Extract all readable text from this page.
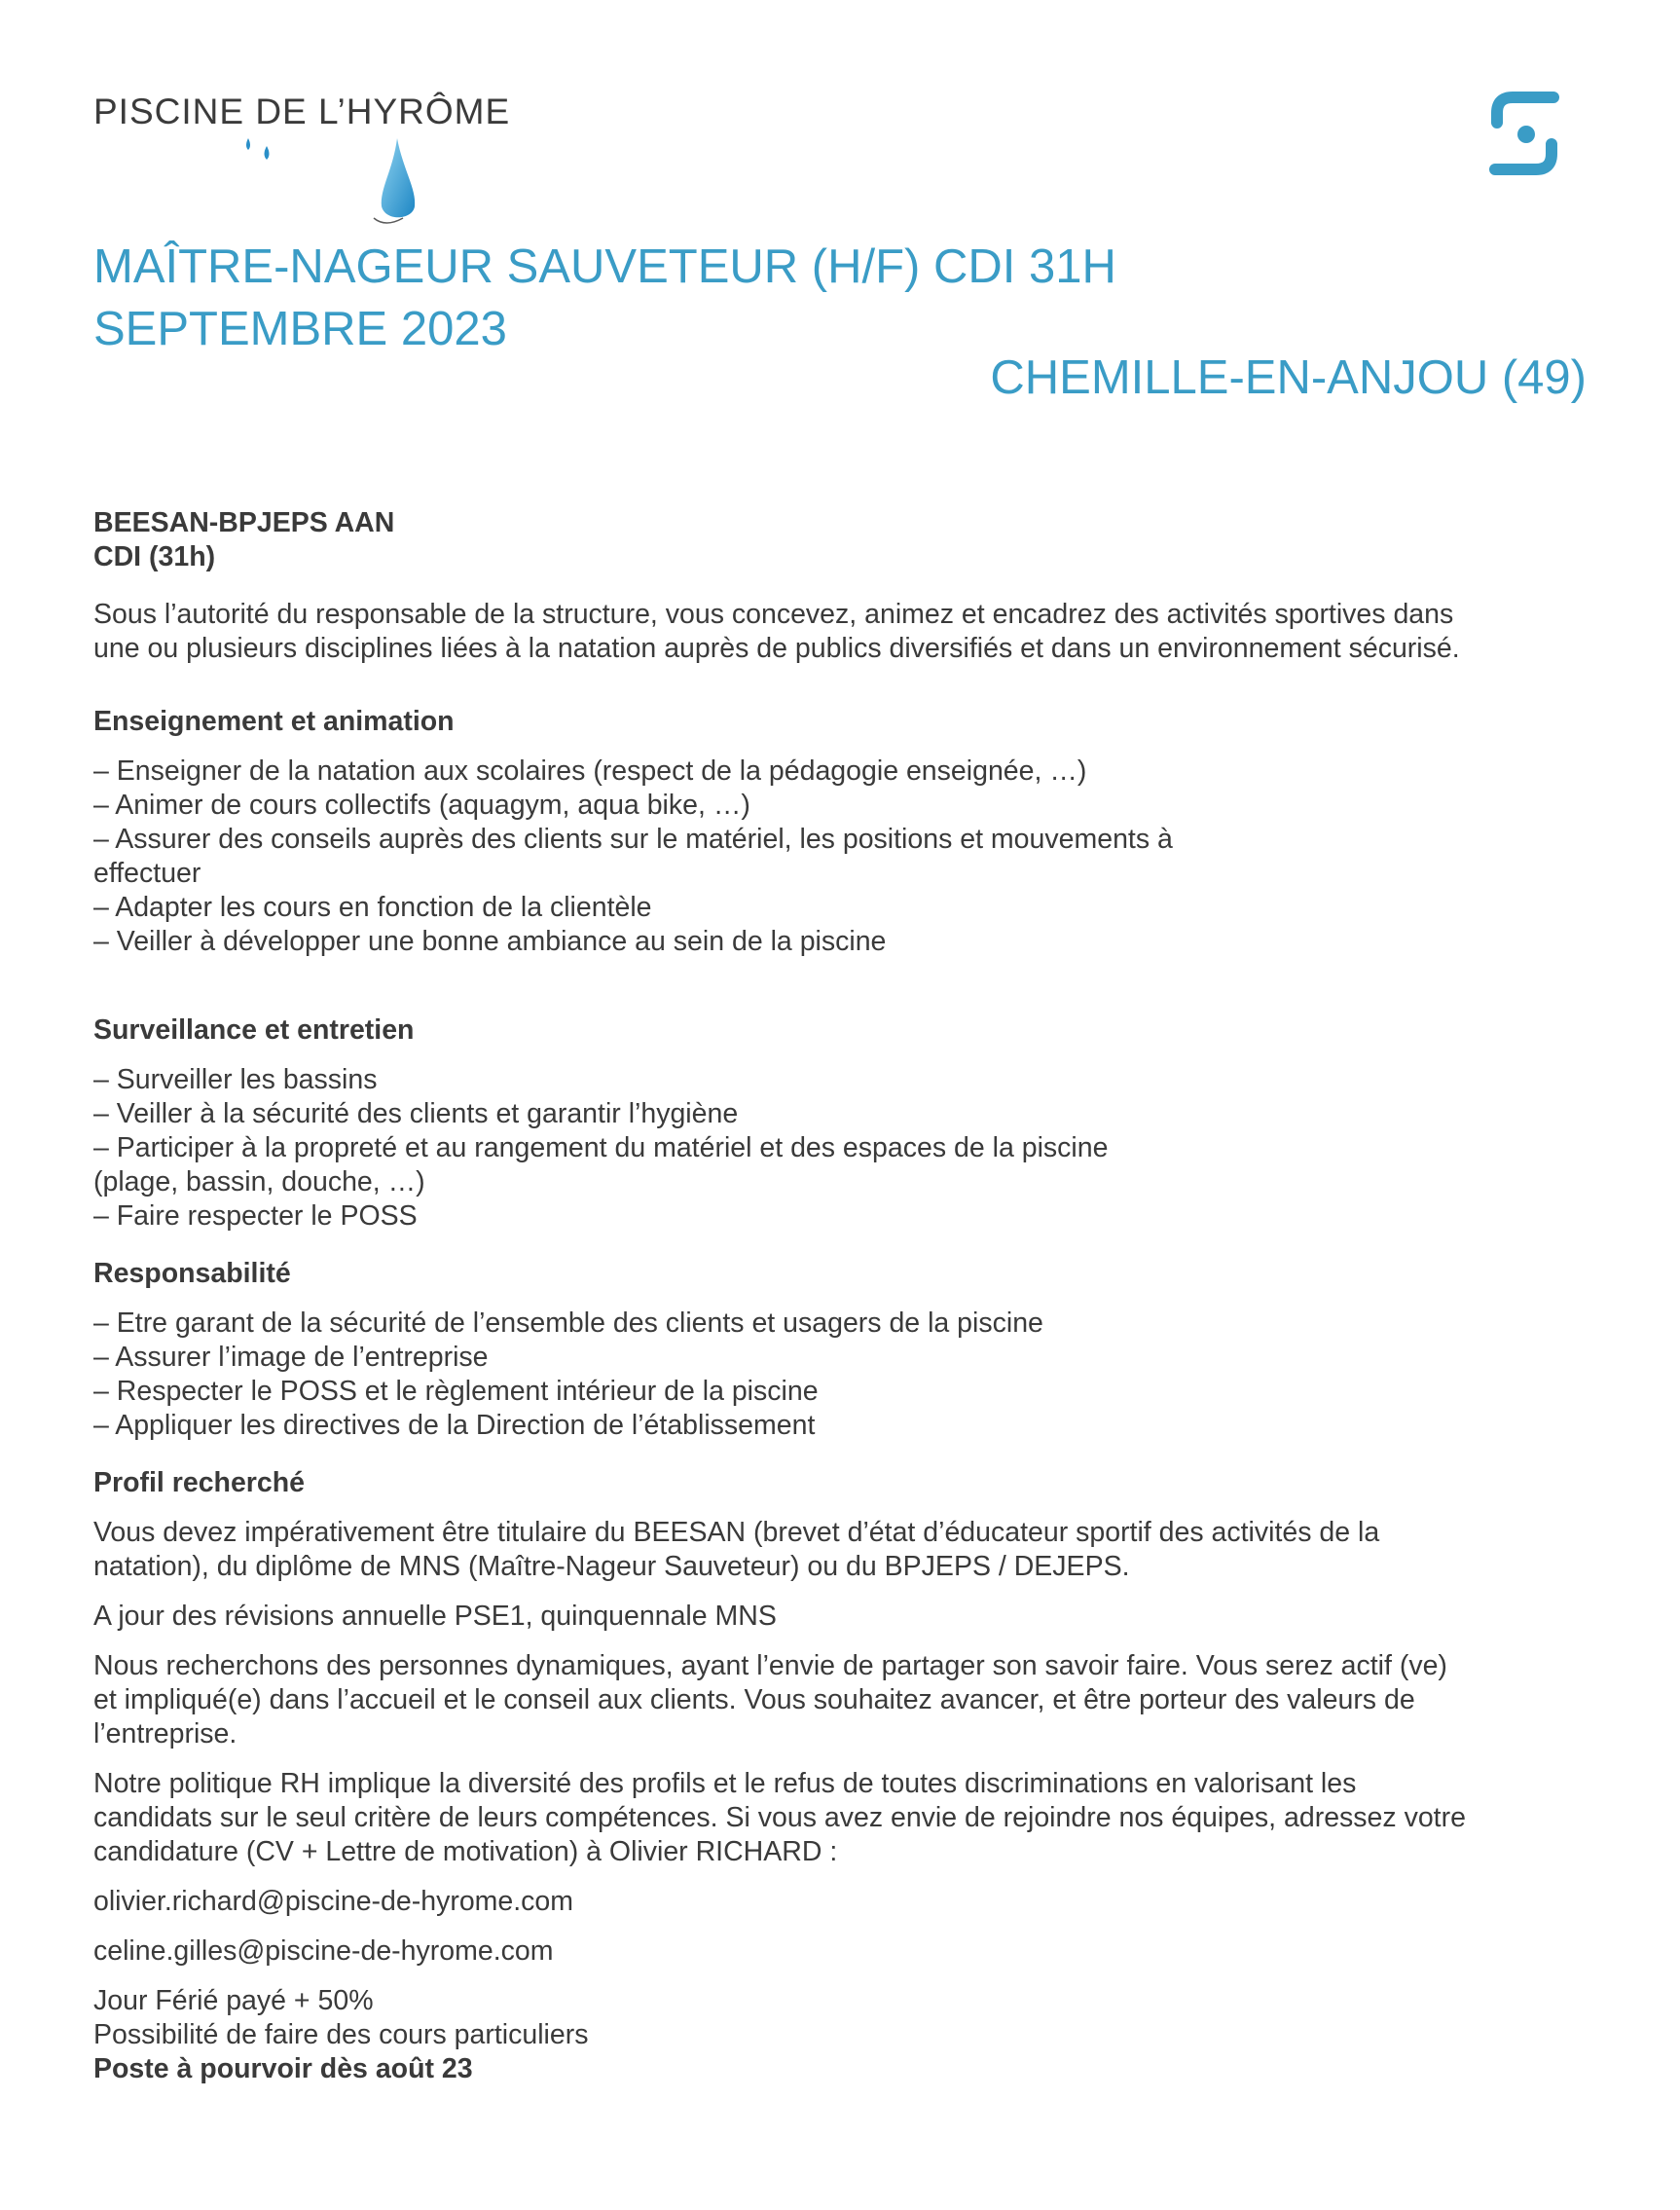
PISCINE DE L’HYRÔME
MAÎTRE-NAGEUR SAUVETEUR (H/F) CDI 31H
SEPTEMBRE 2023
CHEMILLE-EN-ANJOU (49)

BEESAN-BPJEPS AAN

CDI (31h)

Sous l’autorité du responsable de la structure, vous concevez, animez et encadrez des activités sportives dans

une ou plusieurs disciplines liées à la natation auprès de publics diversifiés et dans un environnement sécurisé.

Enseignement et animation

– Enseigner de la natation aux scolaires (respect de la pédagogie enseignée, …)

– Animer de cours collectifs (aquagym, aqua bike, …)

– Assurer des conseils auprès des clients sur le matériel, les positions et mouvements à

effectuer

– Adapter les cours en fonction de la clientèle

– Veiller à développer une bonne ambiance au sein de la piscine

Surveillance et entretien

– Surveiller les bassins

– Veiller à la sécurité des clients et garantir l’hygiène

– Participer à la propreté et au rangement du matériel et des espaces de la piscine

(plage, bassin, douche, …)

– Faire respecter le POSS

Responsabilité

– Etre garant de la sécurité de l’ensemble des clients et usagers de la piscine

– Assurer l’image de l’entreprise

– Respecter le POSS et le règlement intérieur de la piscine

– Appliquer les directives de la Direction de l’établissement

Profil recherché

Vous devez impérativement être titulaire du BEESAN (brevet d’état d’éducateur sportif des activités de la

natation), du diplôme de MNS (Maître-Nageur Sauveteur) ou du BPJEPS / DEJEPS.

A jour des révisions annuelle PSE1, quinquennale MNS

Nous recherchons des personnes dynamiques, ayant l’envie de partager son savoir faire. Vous serez actif (ve)

et impliqué(e) dans l’accueil et le conseil aux clients. Vous souhaitez avancer, et être porteur des valeurs de

l’entreprise.

Notre politique RH implique la diversité des profils et le refus de toutes discriminations en valorisant les

candidats sur le seul critère de leurs compétences. Si vous avez envie de rejoindre nos équipes, adressez votre

candidature (CV + Lettre de motivation) à Olivier RICHARD :

olivier.richard@piscine-de-hyrome.com

celine.gilles@piscine-de-hyrome.com

Jour Férié payé + 50%

Possibilité de faire des cours particuliers

Poste à pourvoir dès août 23
